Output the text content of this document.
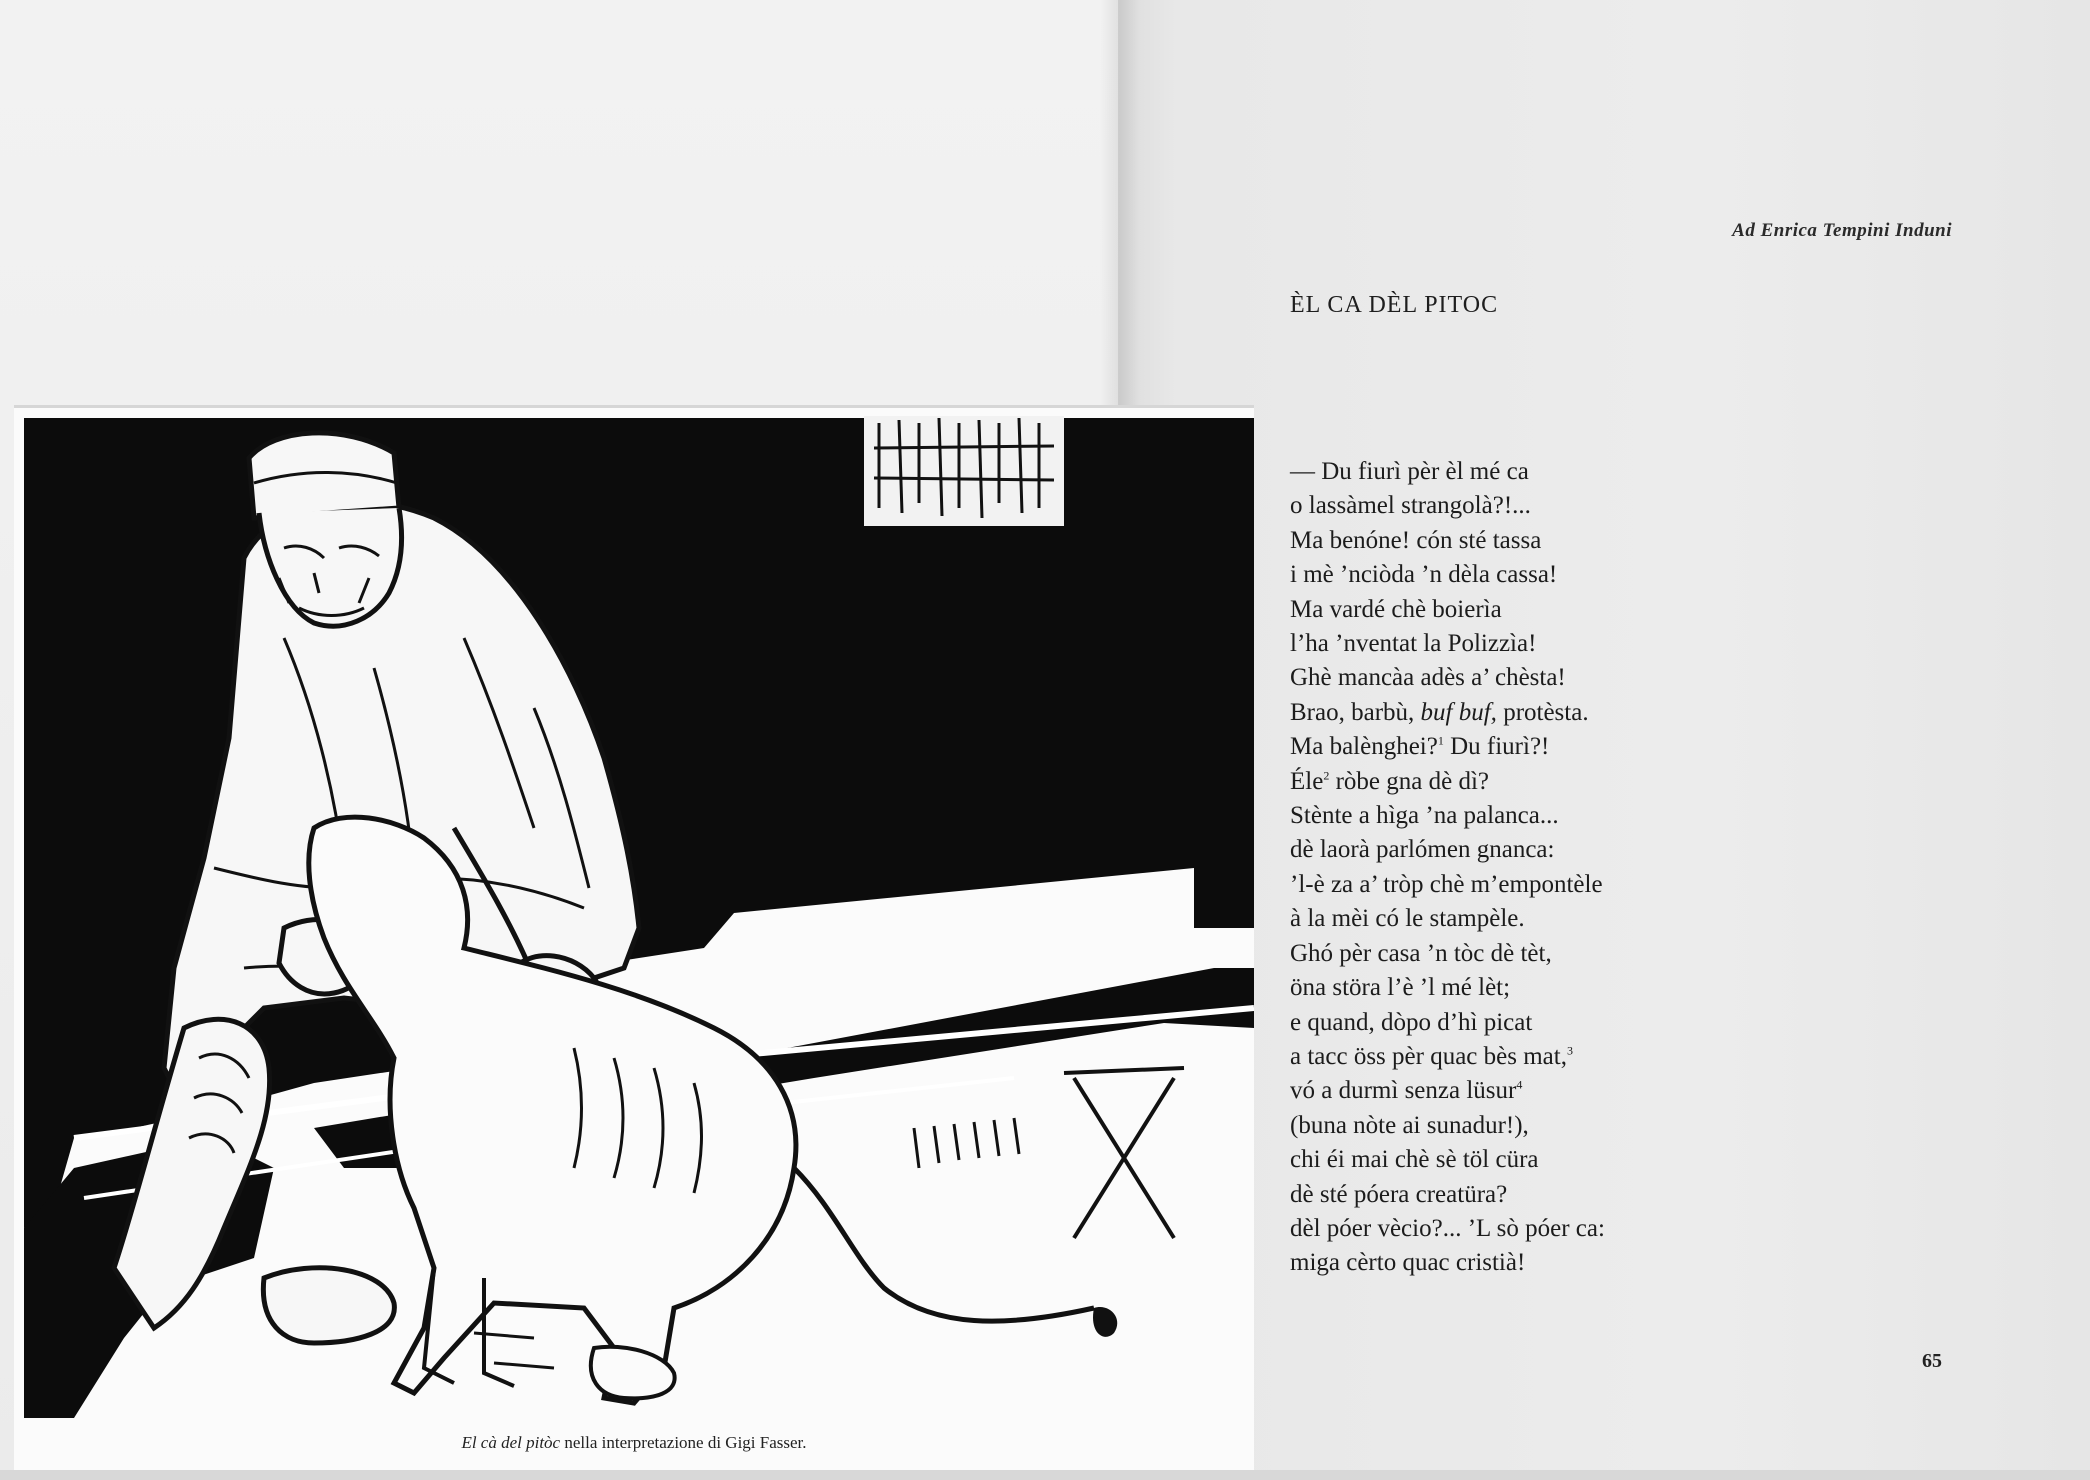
El cà del pitòc nella interpretazione di Gigi Fasser.
Ad Enrica Tempini Induni
ÈL CA DÈL PITOC
— Du fiurì pèr èl mé ca
o lassàmel strangolà?!...
Ma benóne! cón sté tassa
i mè ’nciòda ’n dèla cassa!
Ma vardé chè boierìa
l’ha ’nventat la Polizzìa!
Ghè mancàa adès a’ chèsta!
Brao, barbù, buf buf, protèsta.
Ma balènghei?$^1$ Du fiurì?!
Éle$^2$ ròbe gna dè dì?
Stènte a hìga ’na palanca...
dè laorà parlómen gnanca:
’l-è za a’ tròp chè m’empontèle
à la mèi có le stampèle.
Ghó pèr casa ’n tòc dè tèt,
öna störa l’è ’l mé lèt;
e quand, dòpo d’hì picat
a tacc öss pèr quac bès mat,$^3$
vó a durmì senza lüsur$^4$
(buna nòte ai sunadur!),
chi éi mai chè sè töl cüra
dè sté póera creatüra?
dèl póer vècio?... ’L sò póer ca:
miga cèrto quac cristià!
65
